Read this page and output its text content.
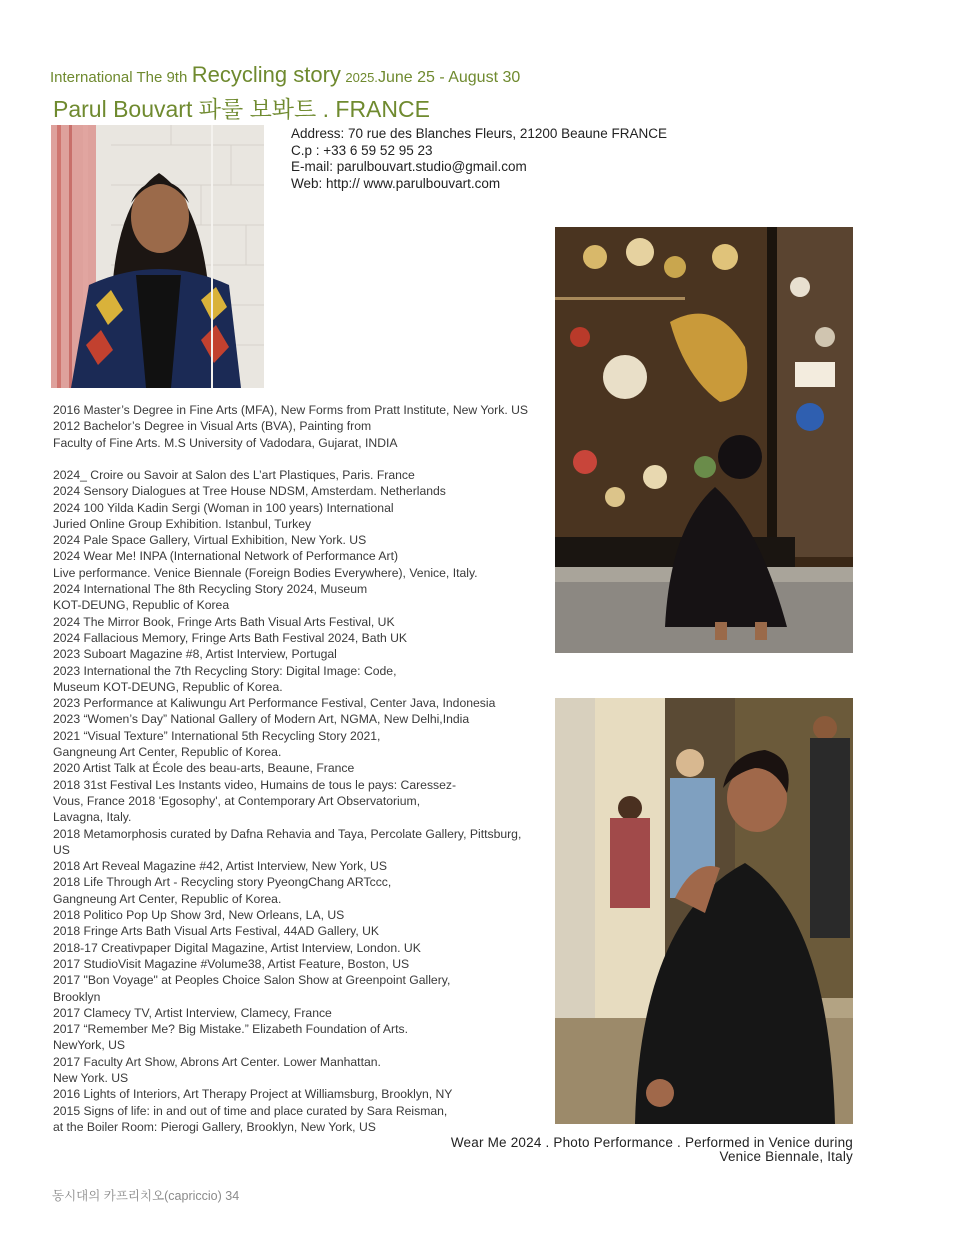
International The 9th Recycling story 2025.June 25 - August 30
Parul Bouvart 파룰 보봐트 . FRANCE
Address: 70 rue des Blanches Fleurs, 21200 Beaune FRANCE
C.p : +33 6 59 52 95 23
E-mail: parulbouvart.studio@gmail.com
Web: http:// www.parulbouvart.com
2016 Master’s Degree in Fine Arts (MFA), New Forms from Pratt Institute, New York. US
2012 Bachelor’s Degree in Visual Arts (BVA), Painting from
Faculty of Fine Arts. M.S University of Vadodara, Gujarat, INDIA
2024_ Croire ou Savoir at Salon des L’art Plastiques, Paris. France
2024 Sensory Dialogues at Tree House NDSM, Amsterdam. Netherlands
2024 100 Yilda Kadin Sergi (Woman in 100 years) International
Juried Online Group Exhibition. Istanbul, Turkey
2024 Pale Space Gallery, Virtual Exhibition, New York. US
2024 Wear Me! INPA (International Network of Performance Art)
Live performance. Venice Biennale (Foreign Bodies Everywhere), Venice, Italy.
2024 International The 8th Recycling Story 2024, Museum
KOT-DEUNG, Republic of Korea
2024 The Mirror Book, Fringe Arts Bath Visual Arts Festival, UK
2024 Fallacious Memory, Fringe Arts Bath Festival 2024, Bath UK
2023 Suboart Magazine #8, Artist Interview, Portugal
2023 International the 7th Recycling Story: Digital Image: Code,
Museum KOT-DEUNG, Republic of Korea.
2023 Performance at Kaliwungu Art Performance Festival, Center Java, Indonesia
2023 “Women’s Day” National Gallery of Modern Art, NGMA, New Delhi,India
2021 “Visual Texture” International 5th Recycling Story 2021,
Gangneung Art Center, Republic of Korea.
2020 Artist Talk at École des beau-arts, Beaune, France
2018 31st Festival Les Instants video, Humains de tous le pays: Caressez-
Vous, France 2018 'Egosophy', at Contemporary Art Observatorium,
Lavagna, Italy.
2018 Metamorphosis curated by Dafna Rehavia and Taya, Percolate Gallery, Pittsburg,
US
2018 Art Reveal Magazine #42, Artist Interview, New York, US
2018 Life Through Art - Recycling story PyeongChang ARTccc,
Gangneung Art Center, Republic of Korea.
2018 Politico Pop Up Show 3rd, New Orleans, LA, US
2018 Fringe Arts Bath Visual Arts Festival, 44AD Gallery, UK
2018-17 Creativpaper Digital Magazine, Artist Interview, London. UK
2017 StudioVisit Magazine #Volume38, Artist Feature, Boston, US
2017 "Bon Voyage" at Peoples Choice Salon Show at Greenpoint Gallery,
Brooklyn
2017 Clamecy TV, Artist Interview, Clamecy, France
2017 “Remember Me? Big Mistake.” Elizabeth Foundation of Arts.
NewYork, US
2017 Faculty Art Show, Abrons Art Center. Lower Manhattan.
New York. US
2016 Lights of Interiors, Art Therapy Project at Williamsburg, Brooklyn, NY
2015 Signs of life: in and out of time and place curated by Sara Reisman,
at the Boiler Room: Pierogi Gallery, Brooklyn, New York, US
Wear Me 2024 . Photo Performance . Performed in Venice during
Venice Biennale, Italy
동시대의 카프리치오(capriccio) 34
